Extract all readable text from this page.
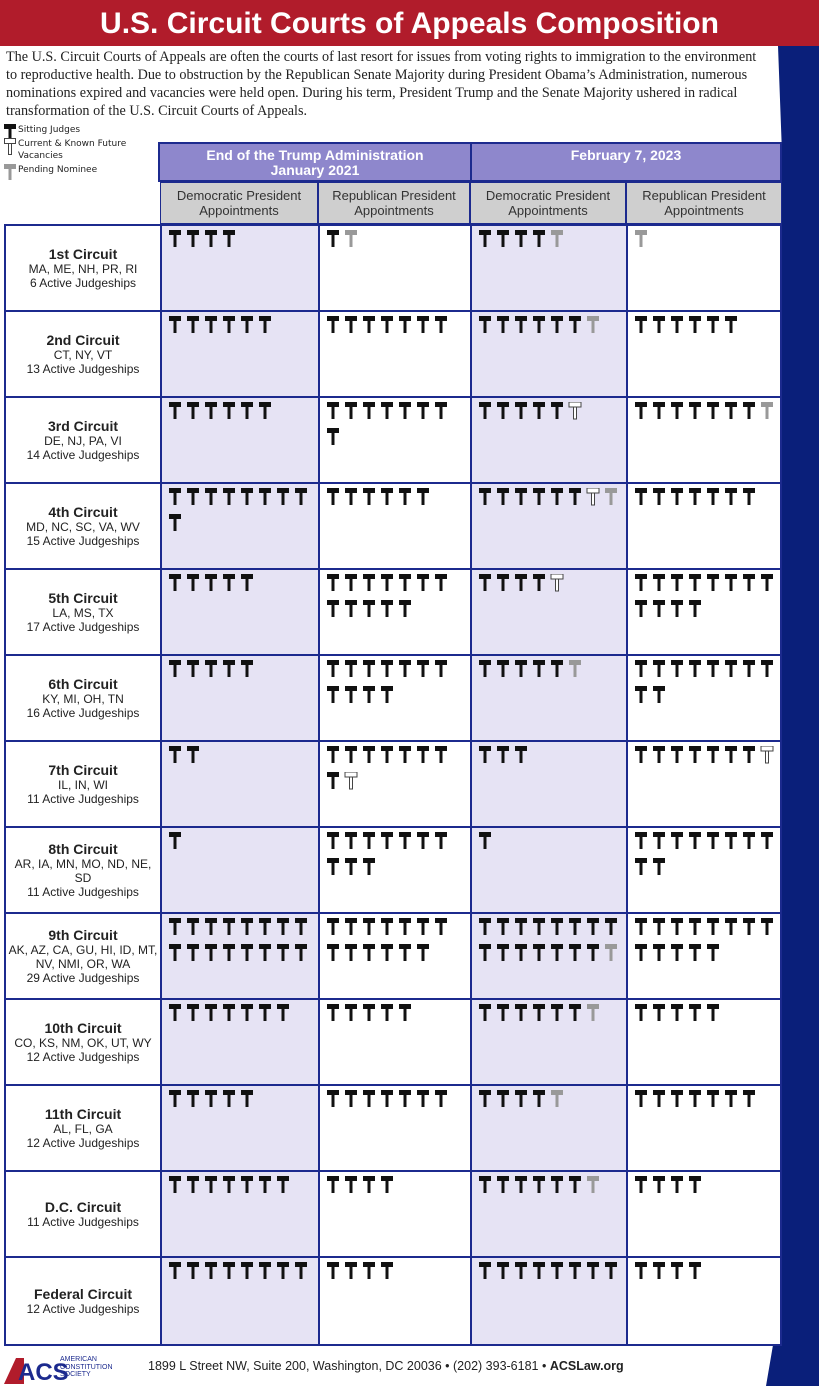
U.S. Circuit Courts of Appeals Composition

The U.S. Circuit Courts of Appeals are often the courts of last resort for issues from voting rights to immigration to the environment to reproductive health. Due to obstruction by the Republican Senate Majority during President Obama’s Administration, numerous nominations expired and vacancies were held open. During his term, President Trump and the Senate Majority ushered in radical transformation of the U.S. Circuit Courts of Appeals.

Sitting Judges
Current & Known Future
Vacancies
Pending Nominee
End of the Trump Administration
January 2021
February 7, 2023
Democratic President Appointments
Republican President Appointments
Democratic President Appointments
Republican President Appointments
1st Circuit
MA, ME, NH, PR, RI
6 Active Judgeships
2nd Circuit
CT, NY, VT
13 Active Judgeships
3rd Circuit
DE, NJ, PA, VI
14 Active Judgeships
4th Circuit
MD, NC, SC, VA, WV
15 Active Judgeships
5th Circuit
LA, MS, TX
17 Active Judgeships
6th Circuit
KY, MI, OH, TN
16 Active Judgeships
7th Circuit
IL, IN, WI
11 Active Judgeships
8th Circuit
AR, IA, MN, MO, ND, NE, SD
11 Active Judgeships
9th Circuit
AK, AZ, CA, GU, HI, ID, MT, NV, NMI, OR, WA
29 Active Judgeships
10th Circuit
CO, KS, NM, OK, UT, WY
12 Active Judgeships
11th Circuit
AL, FL, GA
12 Active Judgeships
D.C. Circuit
11 Active Judgeships
Federal Circuit
12 Active Judgeships
ACS
AMERICAN
CONSTITUTION
SOCIETY
1899 L Street NW, Suite 200, Washington, DC 20036 • (202) 393-6181 • ACSLaw.org
